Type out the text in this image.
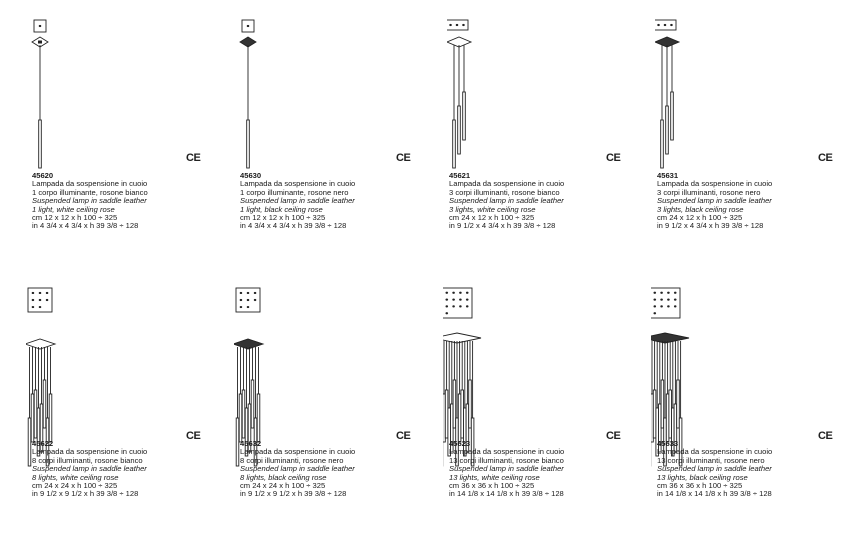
45620
Lampada da sospensione in cuoio
1 corpo illuminante, rosone bianco
Suspended lamp in saddle leather
1 light, white ceiling rose
cm 12 x 12 x h 100 ÷ 325
in 4 3/4 x 4 3/4 x h 39 3/8 ÷ 128
CE
45630
Lampada da sospensione in cuoio
1 corpo illuminante, rosone nero
Suspended lamp in saddle leather
1 light, black ceiling rose
cm 12 x 12 x h 100 ÷ 325
in 4 3/4 x 4 3/4 x h 39 3/8 ÷ 128
CE
45621
Lampada da sospensione in cuoio
3 corpi illuminanti, rosone bianco
Suspended lamp in saddle leather
3 lights, white ceiling rose
cm 24 x 12 x h 100 ÷ 325
in 9 1/2 x 4 3/4 x h 39 3/8 ÷ 128
CE
45631
Lampada da sospensione in cuoio
3 corpi illuminanti, rosone nero
Suspended lamp in saddle leather
3 lights, black ceiling rose
cm 24 x 12 x h 100 ÷ 325
in 9 1/2 x 4 3/4 x h 39 3/8 ÷ 128
CE
45622
Lampada da sospensione in cuoio
8 corpi illuminanti, rosone bianco
Suspended lamp in saddle leather
8 lights, white ceiling rose
cm 24 x 24 x h 100 ÷ 325
in 9 1/2 x 9 1/2 x h 39 3/8 ÷ 128
CE
45632
Lampada da sospensione in cuoio
8 corpi illuminanti, rosone nero
Suspended lamp in saddle leather
8 lights, black ceiling rose
cm 24 x 24 x h 100 ÷ 325
in 9 1/2 x 9 1/2 x h 39 3/8 ÷ 128
CE
45623
Lampada da sospensione in cuoio
13 corpi illuminanti, rosone bianco
Suspended lamp in saddle leather
13 lights, white ceiling rose
cm 36 x 36 x h 100 ÷ 325
in 14 1/8 x 14 1/8 x h 39 3/8 ÷ 128
CE
45633
Lampada da sospensione in cuoio
13 corpi illuminanti, rosone nero
Suspended lamp in saddle leather
13 lights, black ceiling rose
cm 36 x 36 x h 100 ÷ 325
in 14 1/8 x 14 1/8 x h 39 3/8 ÷ 128
CE
